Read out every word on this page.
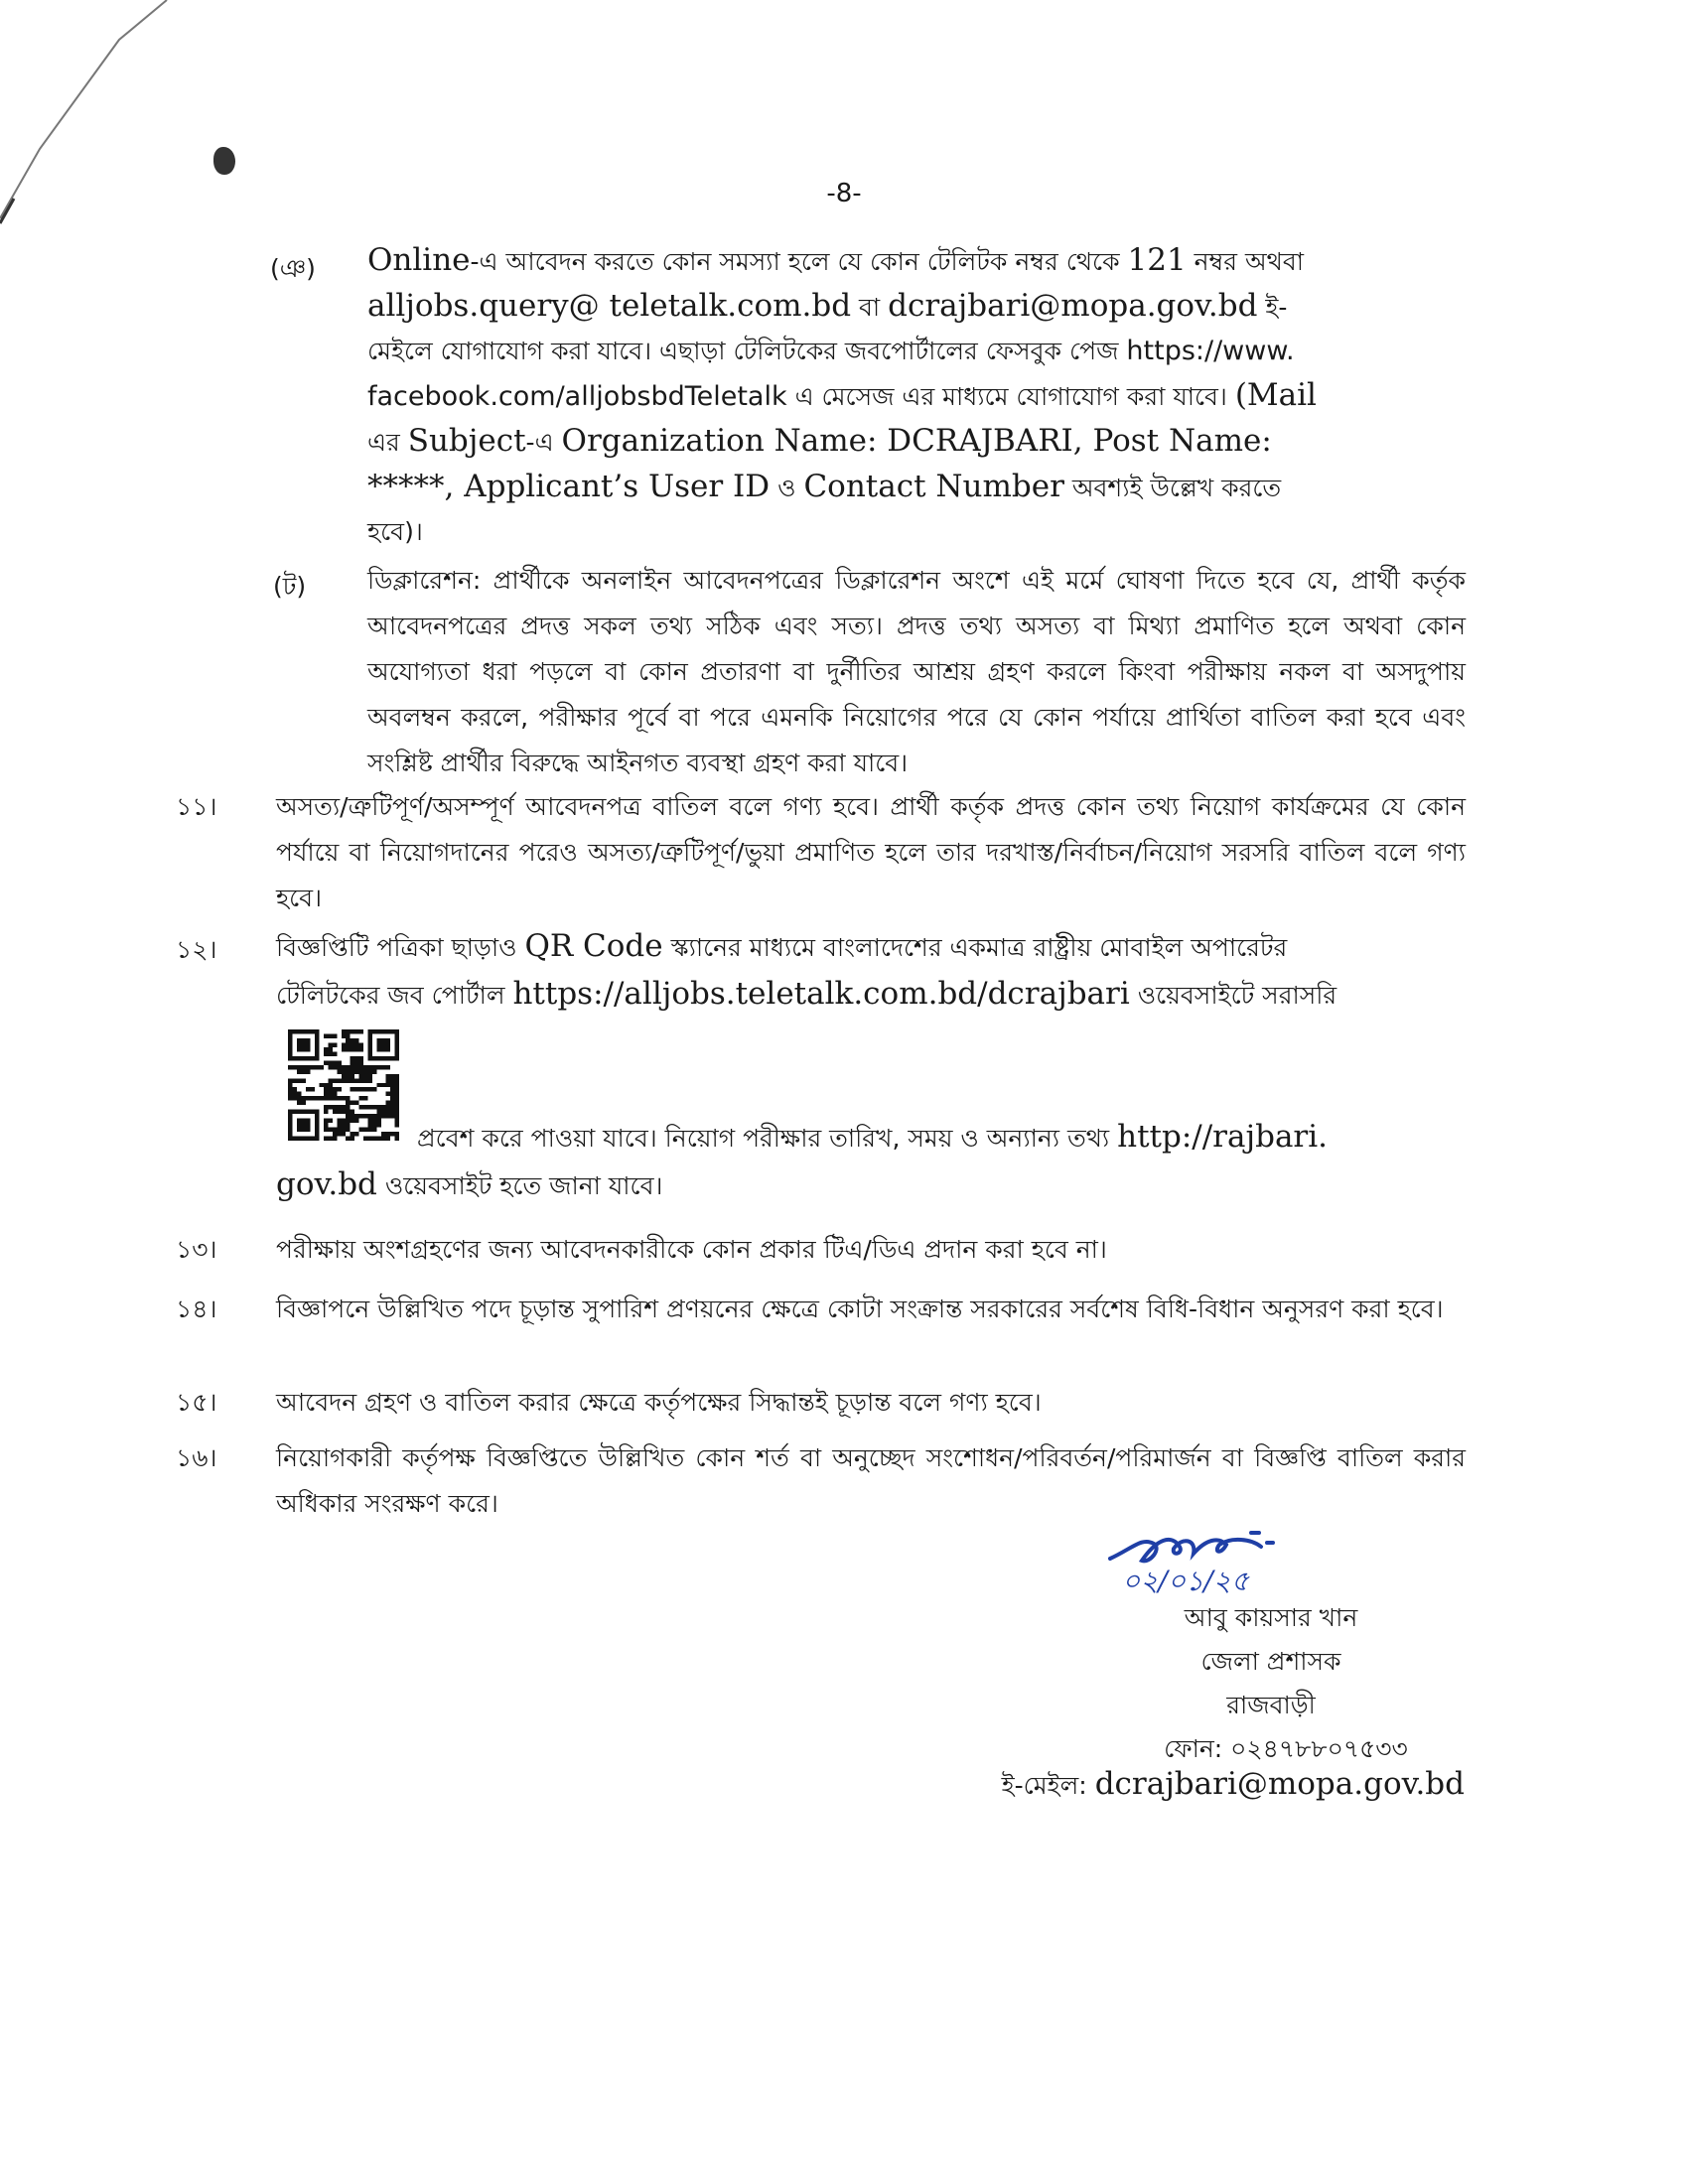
-8-
(ঞ) Online-এ আবেদন করতে কোন সমস্যা হলে যে কোন টেলিটক নম্বর থেকে 121 নম্বর অথবা

alljobs.query@ teletalk.com.bd বা dcrajbari@mopa.gov.bd ই-

মেইলে যোগাযোগ করা যাবে। এছাড়া টেলিটকের জবপোর্টালের ফেসবুক পেজ https://www.

facebook.com/alljobsbdTeletalk এ মেসেজ এর মাধ্যমে যোগাযোগ করা যাবে। (Mail

এর Subject-এ Organization Name: DCRAJBARI, Post Name:

*****, Applicant’s User ID ও Contact Number অবশ্যই উল্লেখ করতে

হবে)।

(ট) ডিক্লারেশন: প্রার্থীকে অনলাইন আবেদনপত্রের ডিক্লারেশন অংশে এই মর্মে ঘোষণা দিতে হবে যে, প্রার্থী কর্তৃক আবেদনপত্রের প্রদত্ত সকল তথ্য সঠিক এবং সত্য। প্রদত্ত তথ্য অসত্য বা মিথ্যা প্রমাণিত হলে অথবা কোন অযোগ্যতা ধরা পড়লে বা কোন প্রতারণা বা দুর্নীতির আশ্রয় গ্রহণ করলে কিংবা পরীক্ষায় নকল বা অসদুপায় অবলম্বন করলে, পরীক্ষার পূর্বে বা পরে এমনকি নিয়োগের পরে যে কোন পর্যায়ে প্রার্থিতা বাতিল করা হবে এবং সংশ্লিষ্ট প্রার্থীর বিরুদ্ধে আইনগত ব্যবস্থা গ্রহণ করা যাবে।

১১। অসত্য/ত্রুটিপূর্ণ/অসম্পূর্ণ আবেদনপত্র বাতিল বলে গণ্য হবে। প্রার্থী কর্তৃক প্রদত্ত কোন তথ্য নিয়োগ কার্যক্রমের যে কোন পর্যায়ে বা নিয়োগদানের পরেও অসত্য/ত্রুটিপূর্ণ/ভুয়া প্রমাণিত হলে তার দরখাস্ত/নির্বাচন/নিয়োগ সরসরি বাতিল বলে গণ্য হবে।

১২। বিজ্ঞপ্তিটি পত্রিকা ছাড়াও QR Code স্ক্যানের মাধ্যমে বাংলাদেশের একমাত্র রাষ্ট্রীয় মোবাইল অপারেটর

টেলিটকের জব পোর্টাল https://alljobs.teletalk.com.bd/dcrajbari ওয়েবসাইটে সরাসরি

প্রবেশ করে পাওয়া যাবে। নিয়োগ পরীক্ষার তারিখ, সময় ও অন্যান্য তথ্য http://rajbari.

gov.bd ওয়েবসাইট হতে জানা যাবে।

১৩। পরীক্ষায় অংশগ্রহণের জন্য আবেদনকারীকে কোন প্রকার টিএ/ডিএ প্রদান করা হবে না।

১৪। বিজ্ঞাপনে উল্লিখিত পদে চূড়ান্ত সুপারিশ প্রণয়নের ক্ষেত্রে কোটা সংক্রান্ত সরকারের সর্বশেষ বিধি-বিধান অনুসরণ করা হবে।

১৫। আবেদন গ্রহণ ও বাতিল করার ক্ষেত্রে কর্তৃপক্ষের সিদ্ধান্তই চূড়ান্ত বলে গণ্য হবে।

১৬। নিয়োগকারী কর্তৃপক্ষ বিজ্ঞপ্তিতে উল্লিখিত কোন শর্ত বা অনুচ্ছেদ সংশোধন/পরিবর্তন/পরিমার্জন বা বিজ্ঞপ্তি বাতিল করার অধিকার সংরক্ষণ করে।

০২/০১/২৫
আবু কায়সার খান
জেলা প্রশাসক
রাজবাড়ী
ফোন: ০২৪৭৮৮০৭৫৩৩
ই-মেইল: dcrajbari@mopa.gov.bd
